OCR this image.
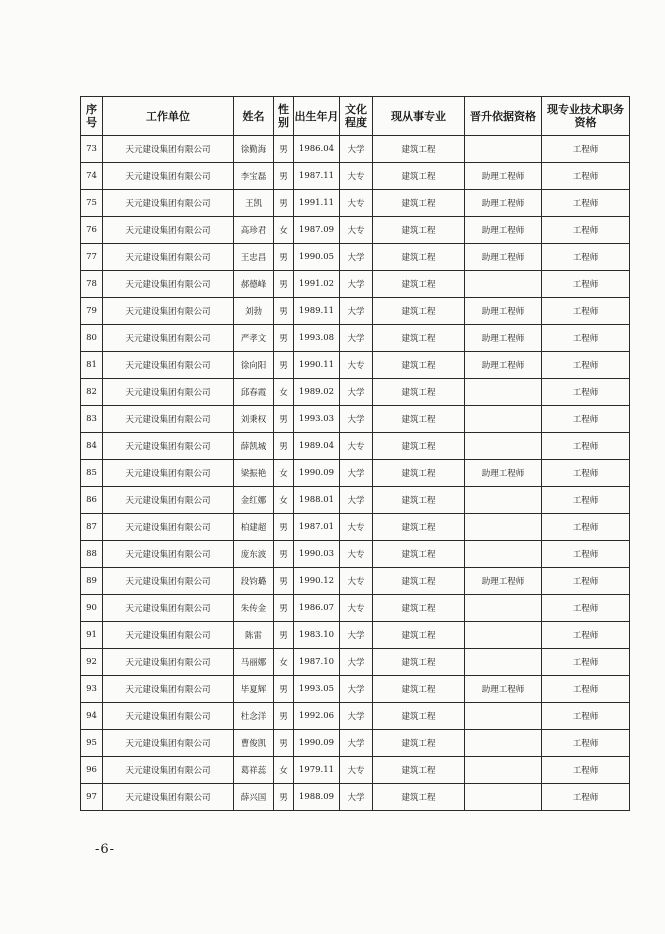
序号	工作单位	姓名	性别	出生年月	文化程度	现从事专业	晋升依据资格	现专业技术职务资格
73	天元建设集团有限公司	徐勤海	男	1986.04	大学	建筑工程		工程师
74	天元建设集团有限公司	李宝磊	男	1987.11	大专	建筑工程	助理工程师	工程师
75	天元建设集团有限公司	王凯	男	1991.11	大专	建筑工程	助理工程师	工程师
76	天元建设集团有限公司	高珍君	女	1987.09	大专	建筑工程	助理工程师	工程师
77	天元建设集团有限公司	王忠昌	男	1990.05	大学	建筑工程	助理工程师	工程师
78	天元建设集团有限公司	郝德峰	男	1991.02	大学	建筑工程		工程师
79	天元建设集团有限公司	刘勃	男	1989.11	大学	建筑工程	助理工程师	工程师
80	天元建设集团有限公司	严孝文	男	1993.08	大学	建筑工程	助理工程师	工程师
81	天元建设集团有限公司	徐向阳	男	1990.11	大专	建筑工程	助理工程师	工程师
82	天元建设集团有限公司	邱春霞	女	1989.02	大学	建筑工程		工程师
83	天元建设集团有限公司	刘秉权	男	1993.03	大学	建筑工程		工程师
84	天元建设集团有限公司	薛凯城	男	1989.04	大专	建筑工程		工程师
85	天元建设集团有限公司	梁振艳	女	1990.09	大学	建筑工程	助理工程师	工程师
86	天元建设集团有限公司	金红娜	女	1988.01	大学	建筑工程		工程师
87	天元建设集团有限公司	柏建超	男	1987.01	大专	建筑工程		工程师
88	天元建设集团有限公司	庞东波	男	1990.03	大专	建筑工程		工程师
89	天元建设集团有限公司	段钧璐	男	1990.12	大专	建筑工程	助理工程师	工程师
90	天元建设集团有限公司	朱传金	男	1986.07	大专	建筑工程		工程师
91	天元建设集团有限公司	陈雷	男	1983.10	大学	建筑工程		工程师
92	天元建设集团有限公司	马丽娜	女	1987.10	大学	建筑工程		工程师
93	天元建设集团有限公司	毕夏辉	男	1993.05	大学	建筑工程	助理工程师	工程师
94	天元建设集团有限公司	杜念洋	男	1992.06	大学	建筑工程		工程师
95	天元建设集团有限公司	曹俊凯	男	1990.09	大学	建筑工程		工程师
96	天元建设集团有限公司	葛祥蕊	女	1979.11	大专	建筑工程		工程师
97	天元建设集团有限公司	薛兴国	男	1988.09	大学	建筑工程		工程师
-6-
